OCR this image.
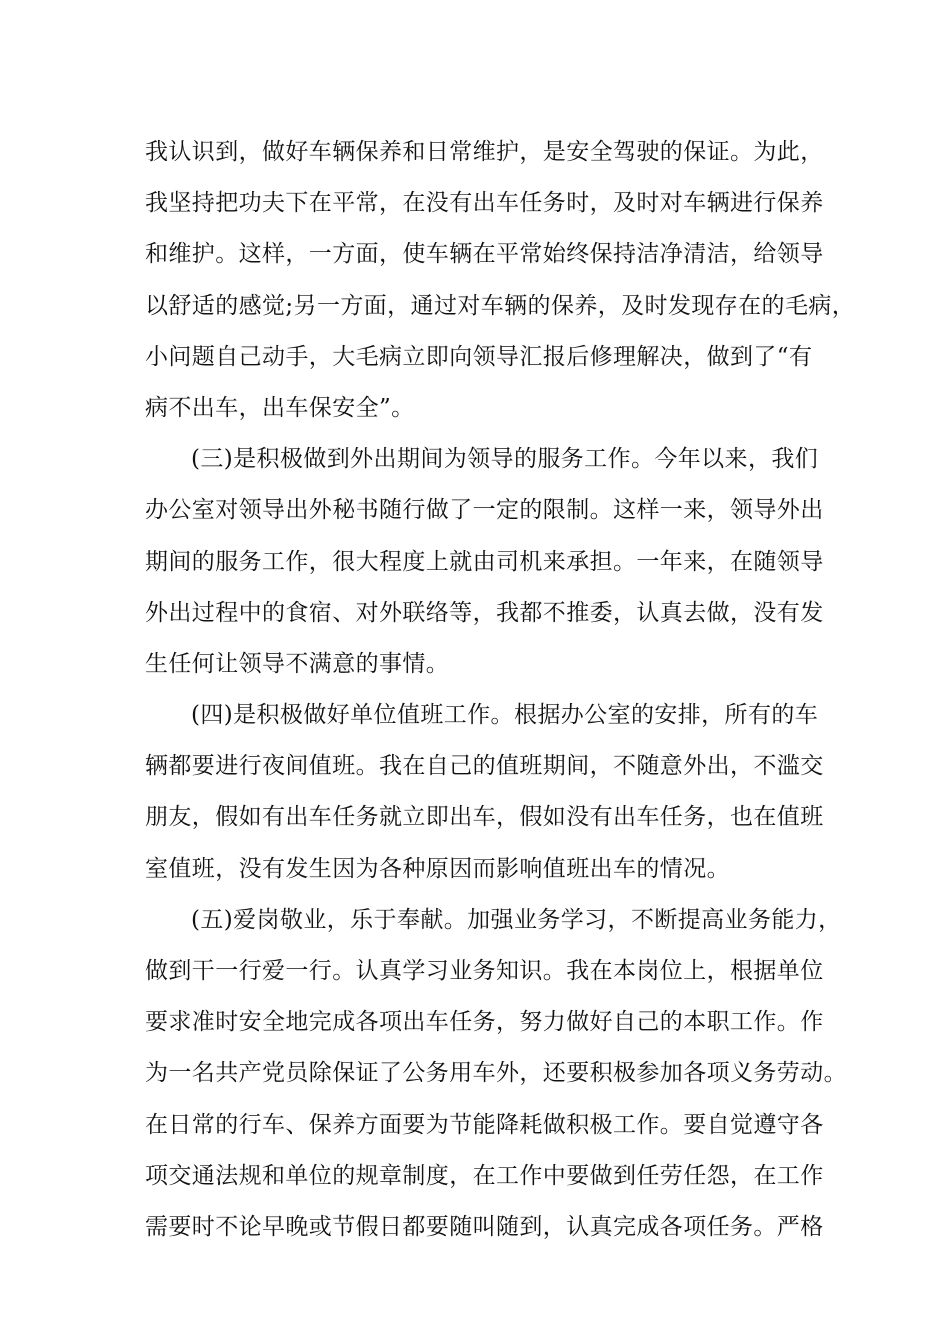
我认识到，做好车辆保养和日常维护，是安全驾驶的保证。为此，
我坚持把功夫下在平常，在没有出车任务时，及时对车辆进行保养
和维护。这样，一方面，使车辆在平常始终保持洁净清洁，给领导
以舒适的感觉;另一方面，通过对车辆的保养，及时发现存在的毛病，
小问题自己动手，大毛病立即向领导汇报后修理解决，做到了“有
病不出车，出车保安全”。
(三)是积极做到外出期间为领导的服务工作。今年以来，我们
办公室对领导出外秘书随行做了一定的限制。这样一来，领导外出
期间的服务工作，很大程度上就由司机来承担。一年来，在随领导
外出过程中的食宿、对外联络等，我都不推委，认真去做，没有发
生任何让领导不满意的事情。
(四)是积极做好单位值班工作。根据办公室的安排，所有的车
辆都要进行夜间值班。我在自己的值班期间，不随意外出，不滥交
朋友，假如有出车任务就立即出车，假如没有出车任务，也在值班
室值班，没有发生因为各种原因而影响值班出车的情况。
(五)爱岗敬业，乐于奉献。加强业务学习，不断提高业务能力，
做到干一行爱一行。认真学习业务知识。我在本岗位上，根据单位
要求准时安全地完成各项出车任务，努力做好自己的本职工作。作
为一名共产党员除保证了公务用车外，还要积极参加各项义务劳动。
在日常的行车、保养方面要为节能降耗做积极工作。要自觉遵守各
项交通法规和单位的规章制度，在工作中要做到任劳任怨，在工作
需要时不论早晚或节假日都要随叫随到，认真完成各项任务。严格
